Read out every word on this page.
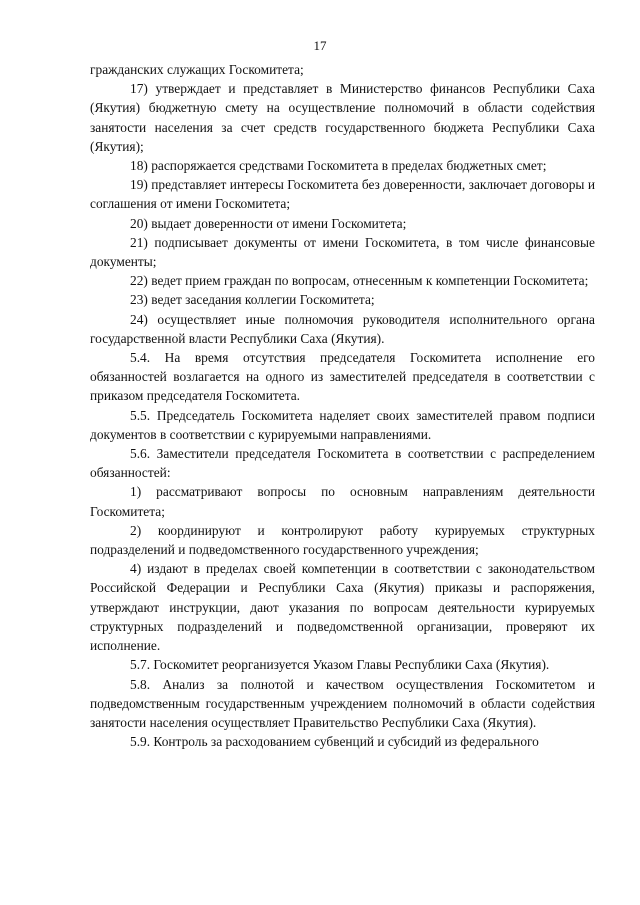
17

гражданских служащих Госкомитета;

17) утверждает и представляет в Министерство финансов Республики Саха (Якутия) бюджетную смету на осуществление полномочий в области содействия занятости населения за счет средств государственного бюджета Республики Саха (Якутия);

18) распоряжается средствами Госкомитета в пределах бюджетных смет;

19) представляет интересы Госкомитета без доверенности, заключает договоры и соглашения от имени Госкомитета;

20) выдает доверенности от имени Госкомитета;

21) подписывает документы от имени Госкомитета, в том числе финансовые документы;

22) ведет прием граждан по вопросам, отнесенным к компетенции Госкомитета;

23) ведет заседания коллегии Госкомитета;

24) осуществляет иные полномочия руководителя исполнительного органа государственной власти Республики Саха (Якутия).

5.4. На время отсутствия председателя Госкомитета исполнение его обязанностей возлагается на одного из заместителей председателя в соответствии с приказом председателя Госкомитета.

5.5. Председатель Госкомитета наделяет своих заместителей правом подписи документов в соответствии с курируемыми направлениями.

5.6. Заместители председателя Госкомитета в соответствии с распределением обязанностей:

1) рассматривают вопросы по основным направлениям деятельности Госкомитета;

2) координируют и контролируют работу курируемых структурных подразделений и подведомственного государственного учреждения;

4) издают в пределах своей компетенции в соответствии с законодательством Российской Федерации и Республики Саха (Якутия) приказы и распоряжения, утверждают инструкции, дают указания по вопросам деятельности курируемых структурных подразделений и подведомственной организации, проверяют их исполнение.

5.7. Госкомитет реорганизуется Указом Главы Республики Саха (Якутия).

5.8. Анализ за полнотой и качеством осуществления Госкомитетом и подведомственным государственным учреждением полномочий в области содействия занятости населения осуществляет Правительство Республики Саха (Якутия).

5.9. Контроль за расходованием субвенций и субсидий из федерального
